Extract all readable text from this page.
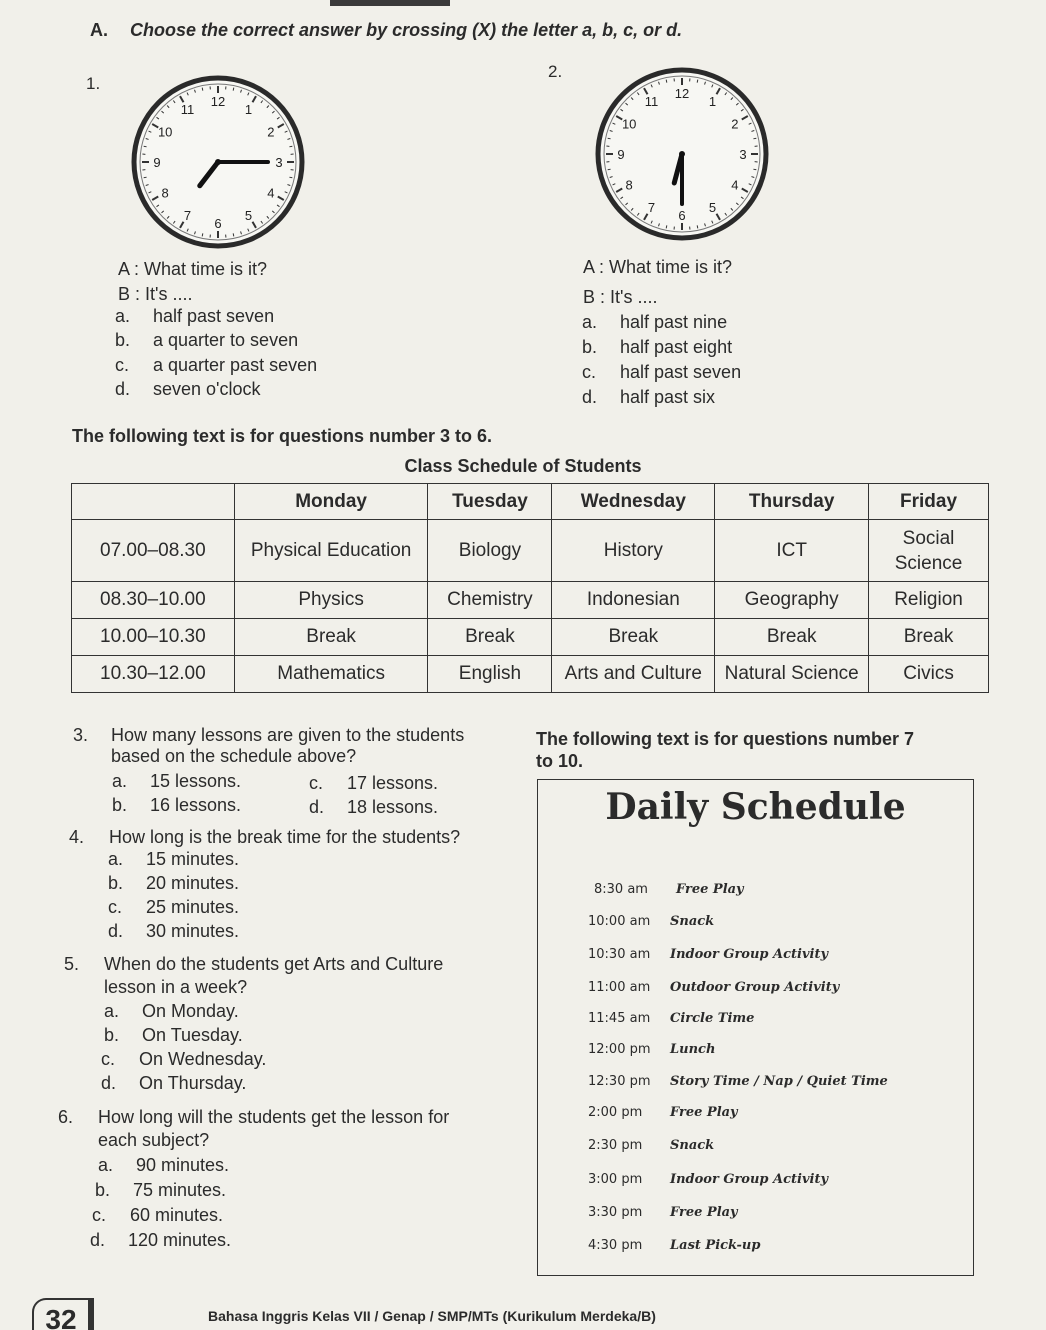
A. Choose the correct answer by crossing (X) the letter a, b, c, or d.
1.
12
1
2
3
4
5
6
7
8
9
10
11
A : What time is it?
B : It's ....
a. half past seven
b. a quarter to seven
c. a quarter past seven
d. seven o'clock
2.
12
1
2
3
4
5
6
7
8
9
10
11
A : What time is it?
B : It's ....
a. half past nine
b. half past eight
c. half past seven
d. half past six
The following text is for questions number 3 to 6.
Class Schedule of Students
	Monday	Tuesday	Wednesday	Thursday	Friday
07.00–08.30	Physical Education	Biology	History	ICT	Social
Science
08.30–10.00	Physics	Chemistry	Indonesian	Geography	Religion
10.00–10.30	Break	Break	Break	Break	Break
10.30–12.00	Mathematics	English	Arts and Culture	Natural Science	Civics
3. How many lessons are given to the students
based on the schedule above?
a. 15 lessons.	c. 17 lessons.
b. 16 lessons.	d. 18 lessons.
4. How long is the break time for the students?
a. 15 minutes.
b. 20 minutes.
c. 25 minutes.
d. 30 minutes.
5. When do the students get Arts and Culture
lesson in a week?
a. On Monday.
b. On Tuesday.
c. On Wednesday.
d. On Thursday.
6. How long will the students get the lesson for
each subject?
a. 90 minutes.
b. 75 minutes.
c. 60 minutes.
d. 120 minutes.
The following text is for questions number 7
to 10.
Daily Schedule
8:30 am Free Play
10:00 am Snack
10:30 am Indoor Group Activity
11:00 am Outdoor Group Activity
11:45 am Circle Time
12:00 pm Lunch
12:30 pm Story Time / Nap / Quiet Time
2:00 pm Free Play
2:30 pm Snack
3:00 pm Indoor Group Activity
3:30 pm Free Play
4:30 pm Last Pick-up
32	Bahasa Inggris Kelas VII / Genap / SMP/MTs (Kurikulum Merdeka/B)
